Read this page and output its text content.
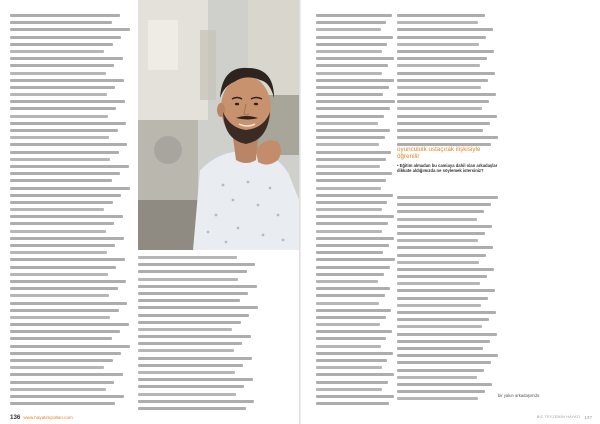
136 www.hayatimpoltan.com
oyuncululk ustaçırak ilişkisiyle öğrenilir
• Eğitim almadan bu camiaya dahil olan arkadaşlar dikkate aldığımızda ne söylemek istersiniz?
bir yakın arkadaşımdır.
BİZ TEYZEMİN HAYATI 137
